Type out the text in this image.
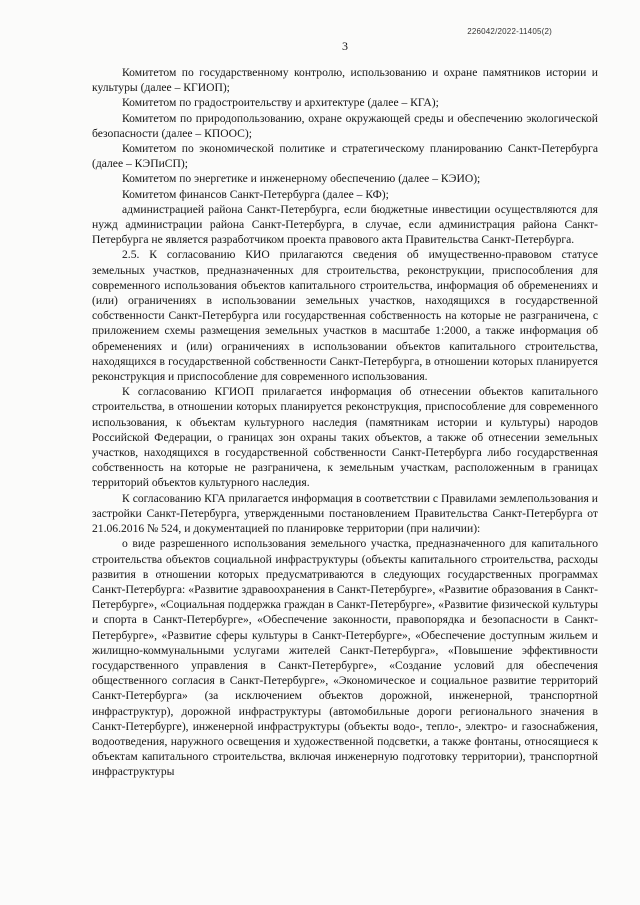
226042/2022-11405(2)
3

Комитетом по государственному контролю, использованию и охране памятников истории и культуры (далее – КГИОП);

Комитетом по градостроительству и архитектуре (далее – КГА);

Комитетом по природопользованию, охране окружающей среды и обеспечению экологической безопасности (далее – КПООС);

Комитетом по экономической политике и стратегическому планированию Санкт-Петербурга (далее – КЭПиСП);

Комитетом по энергетике и инженерному обеспечению (далее – КЭИО);

Комитетом финансов Санкт-Петербурга (далее – КФ);

администрацией района Санкт-Петербурга, если бюджетные инвестиции осуществляются для нужд администрации района Санкт-Петербурга, в случае, если администрация района Санкт-Петербурга не является разработчиком проекта правового акта Правительства Санкт-Петербурга.

2.5. К согласованию КИО прилагаются сведения об имущественно-правовом статусе земельных участков, предназначенных для строительства, реконструкции, приспособления для современного использования объектов капитального строительства, информация об обременениях и (или) ограничениях в использовании земельных участков, находящихся в государственной собственности Санкт-Петербурга или государственная собственность на которые не разграничена, с приложением схемы размещения земельных участков в масштабе 1:2000, а также информация об обременениях и (или) ограничениях в использовании объектов капитального строительства, находящихся в государственной собственности Санкт-Петербурга, в отношении которых планируется реконструкция и приспособление для современного использования.

К согласованию КГИОП прилагается информация об отнесении объектов капитального строительства, в отношении которых планируется реконструкция, приспособление для современного использования, к объектам культурного наследия (памятникам истории и культуры) народов Российской Федерации, о границах зон охраны таких объектов, а также об отнесении земельных участков, находящихся в государственной собственности Санкт-Петербурга либо государственная собственность на которые не разграничена, к земельным участкам, расположенным в границах территорий объектов культурного наследия.

К согласованию КГА прилагается информация в соответствии с Правилами землепользования и застройки Санкт-Петербурга, утвержденными постановлением Правительства Санкт-Петербурга от 21.06.2016 № 524, и документацией по планировке территории (при наличии):

о виде разрешенного использования земельного участка, предназначенного для капитального строительства объектов социальной инфраструктуры (объекты капитального строительства, расходы развития в отношении которых предусматриваются в следующих государственных программах Санкт-Петербурга: «Развитие здравоохранения в Санкт-Петербурге», «Развитие образования в Санкт-Петербурге», «Социальная поддержка граждан в Санкт-Петербурге», «Развитие физической культуры и спорта в Санкт-Петербурге», «Обеспечение законности, правопорядка и безопасности в Санкт-Петербурге», «Развитие сферы культуры в Санкт-Петербурге», «Обеспечение доступным жильем и жилищно-коммунальными услугами жителей Санкт-Петербурга», «Повышение эффективности государственного управления в Санкт-Петербурге», «Создание условий для обеспечения общественного согласия в Санкт-Петербурге», «Экономическое и социальное развитие территорий Санкт-Петербурга» (за исключением объектов дорожной, инженерной, транспортной инфраструктур), дорожной инфраструктуры (автомобильные дороги регионального значения в Санкт-Петербурге), инженерной инфраструктуры (объекты водо-, тепло-, электро- и газоснабжения, водоотведения, наружного освещения и художественной подсветки, а также фонтаны, относящиеся к объектам капитального строительства, включая инженерную подготовку территории), транспортной инфраструктуры
